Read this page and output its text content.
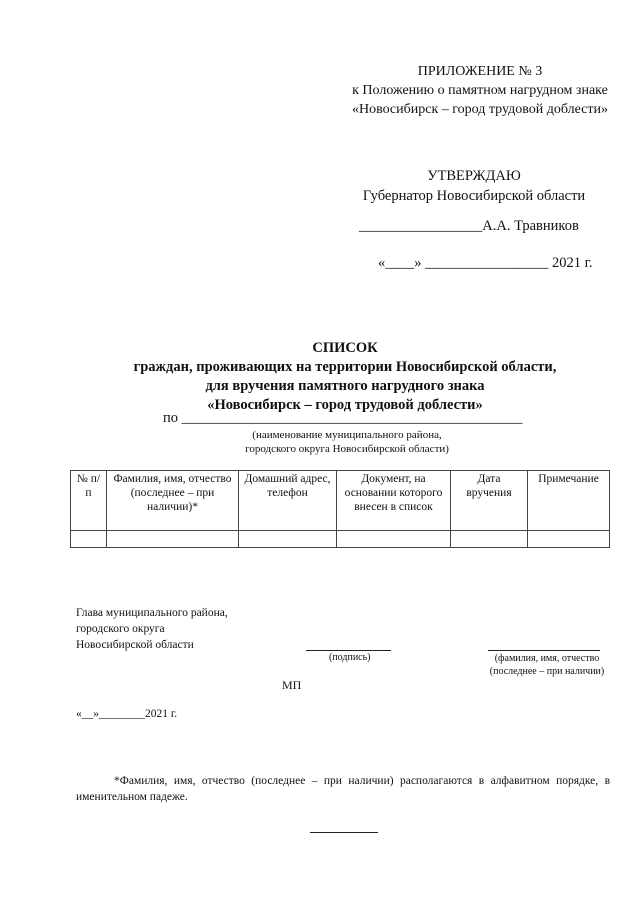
ПРИЛОЖЕНИЕ № 3
к Положению о памятном нагрудном знаке
«Новосибирск – город трудовой доблести»
УТВЕРЖДАЮ
Губернатор Новосибирской области
_________________А.А. Травников
«____» _________________ 2021 г.
СПИСОК
граждан, проживающих на территории Новосибирской области,
для вручения памятного нагрудного знака
«Новосибирск – город трудовой доблести»
по _______________________________________________
(наименование муниципального района,
городского округа Новосибирской области)
№ п/п	Фамилия, имя, отчество (последнее – при наличии)*	Домашний адрес, телефон	Документ, на основании которого внесен в список	Дата вручения	Примечание

Глава муниципального района,
городского округа
Новосибирской области
(подпись)	(фамилия, имя, отчество
(последнее – при наличии)
МП
«__»________2021 г.
*Фамилия, имя, отчество (последнее – при наличии) располагаются в алфавитном порядке, в именительном падеже.
